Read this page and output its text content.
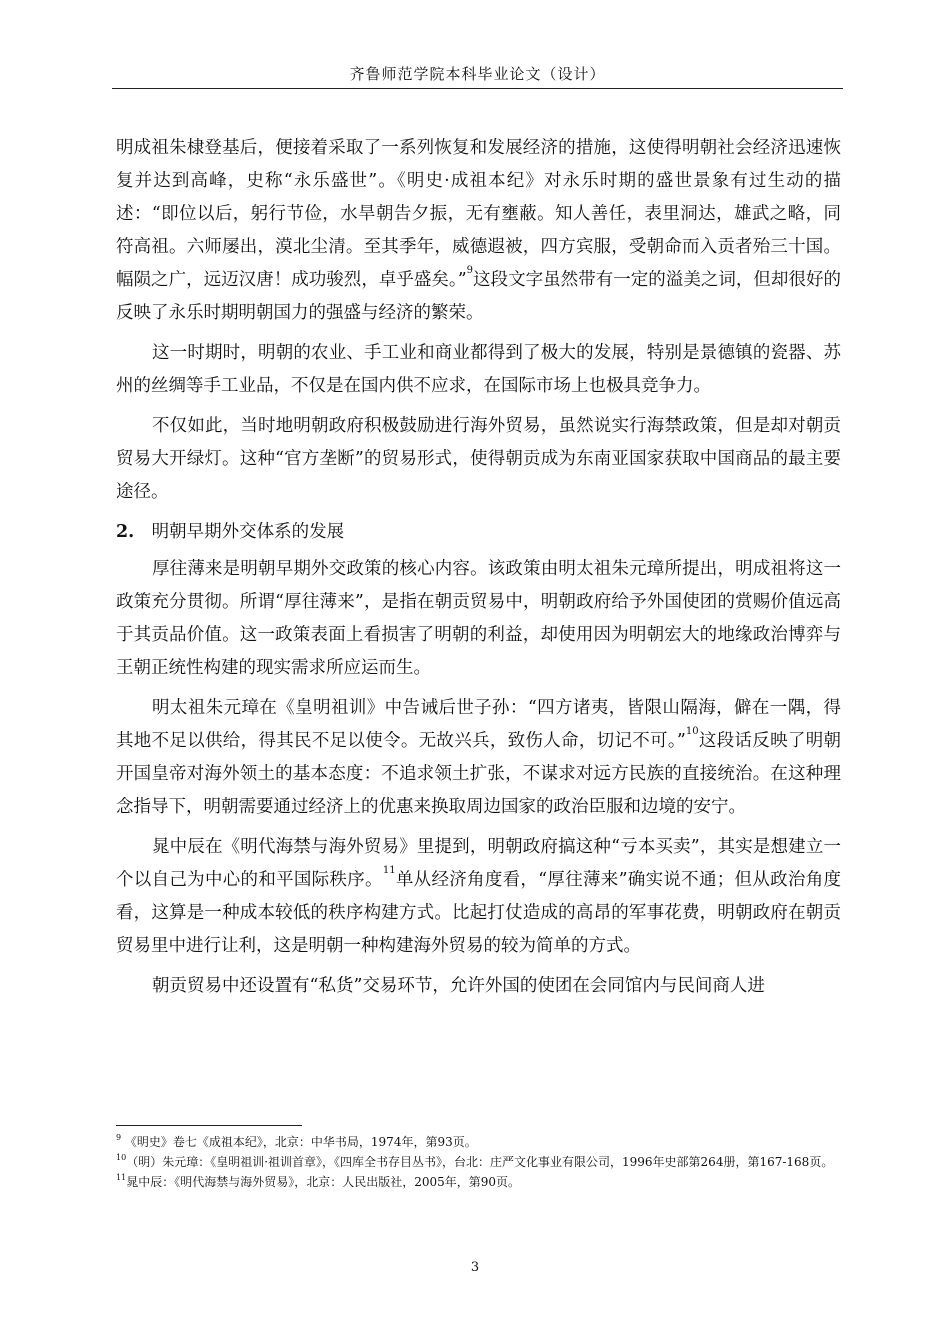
齐鲁师范学院本科毕业论文（设计）

明成祖朱棣登基后，便接着采取了一系列恢复和发展经济的措施，这使得明朝社会经济迅速恢复并达到高峰，史称“永乐盛世”。《明史·成祖本纪》对永乐时期的盛世景象有过生动的描述：“即位以后，躬行节俭，水旱朝告夕振，无有壅蔽。知人善任，表里洞达，雄武之略，同符高祖。六师屡出，漠北尘清。至其季年，威德遐被，四方宾服，受朝命而入贡者殆三十国。幅陨之广，远迈汉唐！成功骏烈，卓乎盛矣。”$^9$这段文字虽然带有一定的溢美之词，但却很好的反映了永乐时期明朝国力的强盛与经济的繁荣。

这一时期时，明朝的农业、手工业和商业都得到了极大的发展，特别是景德镇的瓷器、苏州的丝绸等手工业品，不仅是在国内供不应求，在国际市场上也极具竞争力。

不仅如此，当时地明朝政府积极鼓励进行海外贸易，虽然说实行海禁政策，但是却对朝贡贸易大开绿灯。这种“官方垄断”的贸易形式，使得朝贡成为东南亚国家获取中国商品的最主要途径。

2. 明朝早期外交体系的发展

厚往薄来是明朝早期外交政策的核心内容。该政策由明太祖朱元璋所提出，明成祖将这一政策充分贯彻。所谓“厚往薄来”，是指在朝贡贸易中，明朝政府给予外国使团的赏赐价值远高于其贡品价值。这一政策表面上看损害了明朝的利益，却使用因为明朝宏大的地缘政治博弈与王朝正统性构建的现实需求所应运而生。

明太祖朱元璋在《皇明祖训》中告诫后世子孙：“四方诸夷，皆限山隔海，僻在一隅，得其地不足以供给，得其民不足以使令。无故兴兵，致伤人命，切记不可。”$^{10}$这段话反映了明朝开国皇帝对海外领土的基本态度：不追求领土扩张，不谋求对远方民族的直接统治。在这种理念指导下，明朝需要通过经济上的优惠来换取周边国家的政治臣服和边境的安宁。

晁中辰在《明代海禁与海外贸易》里提到，明朝政府搞这种“亏本买卖”，其实是想建立一个以自己为中心的和平国际秩序。$^{11}$单从经济角度看，“厚往薄来”确实说不通；但从政治角度看，这算是一种成本较低的秩序构建方式。比起打仗造成的高昂的军事花费，明朝政府在朝贡贸易里中进行让利，这是明朝一种构建海外贸易的较为简单的方式。

朝贡贸易中还设置有“私货”交易环节，允许外国的使团在会同馆内与民间商人进

$^9$ 《明史》卷七《成祖本纪》，北京：中华书局，1974年，第93页。

$^{10}$（明）朱元璋：《皇明祖训·祖训首章》，《四库全书存目丛书》，台北：庄严文化事业有限公司，1996年史部第264册，第167-168页。

$^{11}$晁中辰：《明代海禁与海外贸易》，北京：人民出版社，2005年，第90页。

3
